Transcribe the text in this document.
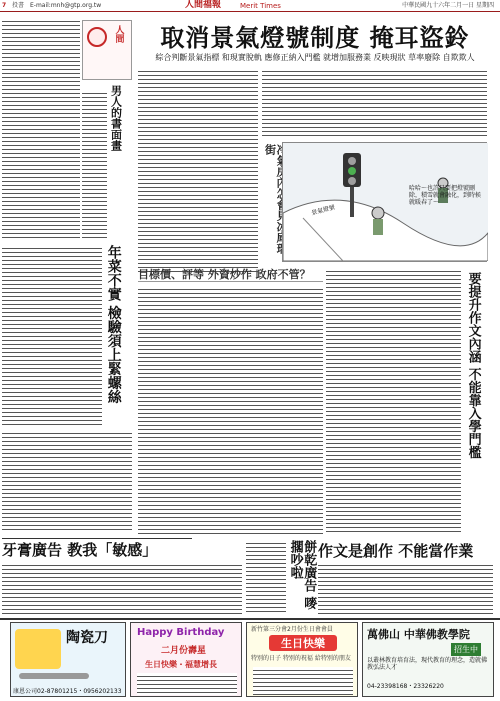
7 投書 E-mail:mnh@gtp.org.tw	人間福報	Merit Times	中華民國九十六年二月一日 星期四
人間
男人的書面畫
年菜不實 檢驗須上緊螺絲
牙膏廣告 教我「敏感」
取消景氣燈號制度 掩耳盜鈴
綜合判斷景氣指標 和現實脫軌 應修正納入門檻 就增加服務業 反映現狀 草率廢除 自欺欺人
街
哈哈～也許只要把燈號刪除，積雪就會融化，到時候就暖春了～
景氣燈號
目標價、評等 外資炒作 政府不管？	要提升作文內涵 不能靠入學門檻
作文是創作 不能當作業
餅乾廣告 嘜擱吵啦
陶瓷刀
康恩公司02-87801215・0956202133
Happy Birthday
二月份壽星
生日快樂・福慧增長
新竹第三分會2月份生日會會員
生日快樂
特別的日子 特別的祝福 給特別的朋友
萬佛山 中華佛教學院
招生中
以叢林教育培育法，現代教育的理念，造就佛教弘法人才
04-23398168・23326220
